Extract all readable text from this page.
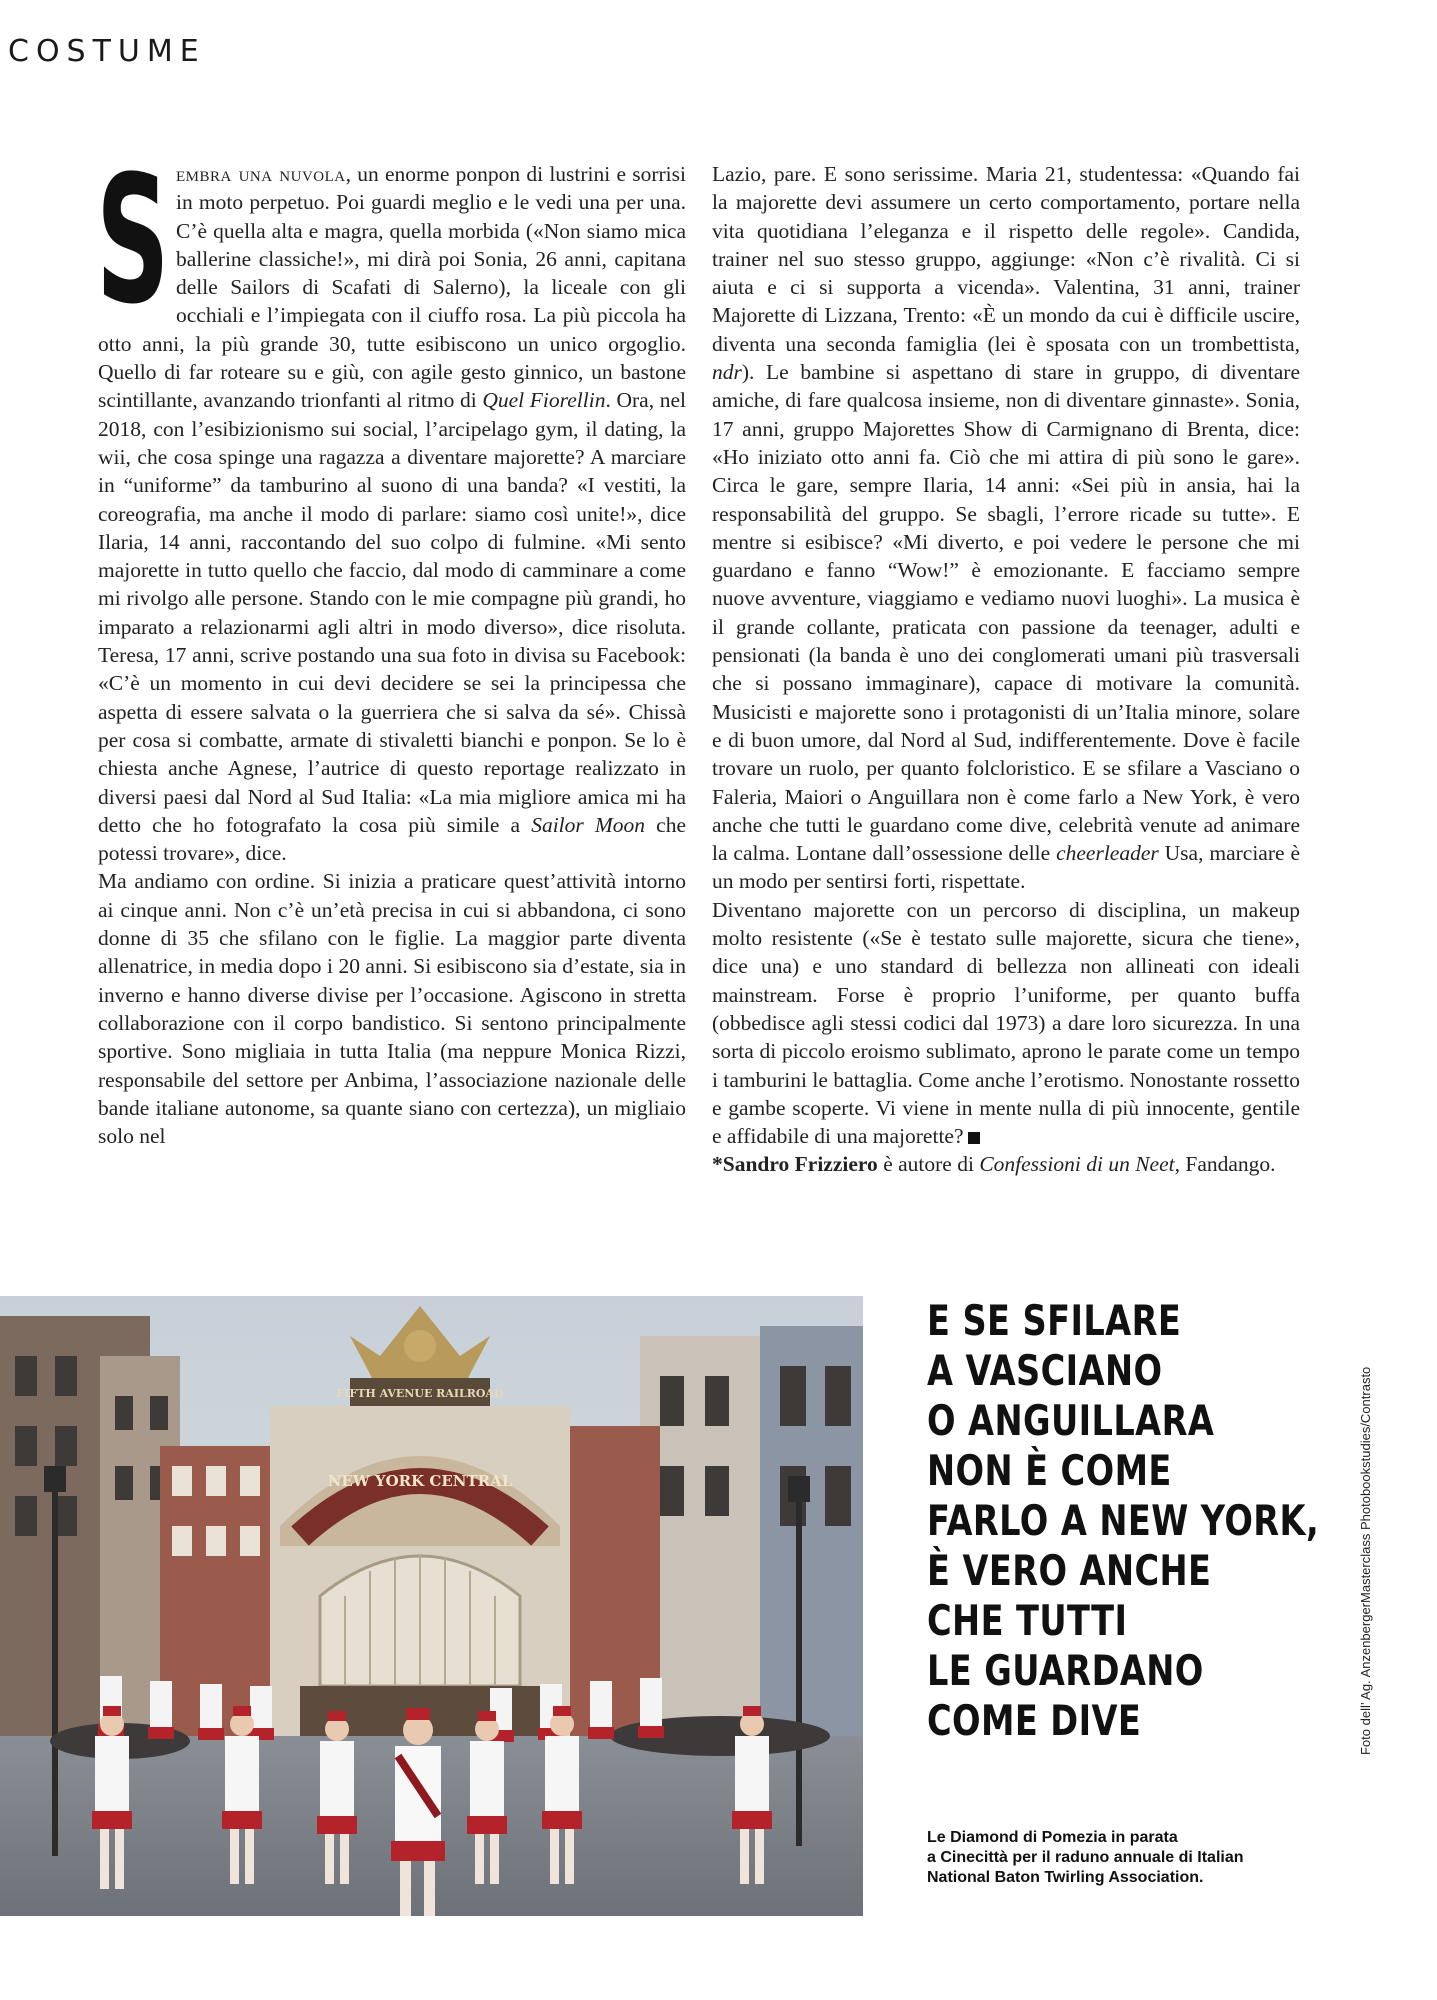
COSTUME

Sembra una nuvola, un enorme ponpon di lustrini e sorrisi in moto perpetuo. Poi guardi meglio e le vedi una per una. C’è quella alta e magra, quella morbida («Non siamo mica ballerine classiche!», mi dirà poi Sonia, 26 anni, capitana delle Sailors di Scafati di Salerno), la liceale con gli occhiali e l’impiegata con il ciuffo rosa. La più piccola ha otto anni, la più grande 30, tutte esibiscono un unico orgoglio. Quello di far roteare su e giù, con agile gesto ginnico, un bastone scintillante, avanzando trionfanti al ritmo di Quel Fiorellin. Ora, nel 2018, con l’esibizionismo sui social, l’arcipelago gym, il dating, la wii, che cosa spinge una ragazza a diventare majorette? A marciare in “uniforme” da tamburino al suono di una banda? «I vestiti, la coreografia, ma anche il modo di parlare: siamo così unite!», dice Ilaria, 14 anni, raccontando del suo colpo di fulmine. «Mi sento majorette in tutto quello che faccio, dal modo di camminare a come mi rivolgo alle persone. Stando con le mie compagne più grandi, ho imparato a relazionarmi agli altri in modo diverso», dice risoluta. Teresa, 17 anni, scrive postando una sua foto in divisa su Facebook: «C’è un momento in cui devi decidere se sei la principessa che aspetta di essere salvata o la guerriera che si salva da sé». Chissà per cosa si combatte, armate di stivaletti bianchi e ponpon. Se lo è chiesta anche Agnese, l’autrice di questo reportage realizzato in diversi paesi dal Nord al Sud Italia: «La mia migliore amica mi ha detto che ho fotografato la cosa più simile a Sailor Moon che potessi trovare», dice.

Ma andiamo con ordine. Si inizia a praticare quest’attività intorno ai cinque anni. Non c’è un’età precisa in cui si abbandona, ci sono donne di 35 che sfilano con le figlie. La maggior parte diventa allenatrice, in media dopo i 20 anni. Si esibiscono sia d’estate, sia in inverno e hanno diverse divise per l’occasione. Agiscono in stretta collaborazione con il corpo bandistico. Si sentono principalmente sportive. Sono migliaia in tutta Italia (ma neppure Monica Rizzi, responsabile del settore per Anbima, l’associazione nazionale delle bande italiane autonome, sa quante siano con certezza), un migliaio solo nel

Lazio, pare. E sono serissime. Maria 21, studentessa: «Quando fai la majorette devi assumere un certo comportamento, portare nella vita quotidiana l’eleganza e il rispetto delle regole». Candida, trainer nel suo stesso gruppo, aggiunge: «Non c’è rivalità. Ci si aiuta e ci si supporta a vicenda». Valentina, 31 anni, trainer Majorette di Lizzana, Trento: «È un mondo da cui è difficile uscire, diventa una seconda famiglia (lei è sposata con un trombettista, ndr). Le bambine si aspettano di stare in gruppo, di diventare amiche, di fare qualcosa insieme, non di diventare ginnaste». Sonia, 17 anni, gruppo Majorettes Show di Carmignano di Brenta, dice: «Ho iniziato otto anni fa. Ciò che mi attira di più sono le gare». Circa le gare, sempre Ilaria, 14 anni: «Sei più in ansia, hai la responsabilità del gruppo. Se sbagli, l’errore ricade su tutte». E mentre si esibisce? «Mi diverto, e poi vedere le persone che mi guardano e fanno “Wow!” è emozionante. E facciamo sempre nuove avventure, viaggiamo e vediamo nuovi luoghi». La musica è il grande collante, praticata con passione da teenager, adulti e pensionati (la banda è uno dei conglomerati umani più trasversali che si possano immaginare), capace di motivare la comunità. Musicisti e majorette sono i protagonisti di un’Italia minore, solare e di buon umore, dal Nord al Sud, indifferentemente. Dove è facile trovare un ruolo, per quanto folcloristico. E se sfilare a Vasciano o Faleria, Maiori o Anguillara non è come farlo a New York, è vero anche che tutti le guardano come dive, celebrità venute ad animare la calma. Lontane dall’ossessione delle cheerleader Usa, marciare è un modo per sentirsi forti, rispettate.

Diventano majorette con un percorso di disciplina, un makeup molto resistente («Se è testato sulle majorette, sicura che tiene», dice una) e uno standard di bellezza non allineati con ideali mainstream. Forse è proprio l’uniforme, per quanto buffa (obbedisce agli stessi codici dal 1973) a dare loro sicurezza. In una sorta di piccolo eroismo sublimato, aprono le parate come un tempo i tamburini le battaglia. Come anche l’erotismo. Nonostante rossetto e gambe scoperte. Vi viene in mente nulla di più innocente, gentile e affidabile di una majorette?

*Sandro Frizziero è autore di Confessioni di un Neet, Fandango.

NEW YORK CENTRAL
FIFTH AVENUE RAILROAD
E SE SFILARE
A VASCIANO
O ANGUILLARA
NON È COME
FARLO A NEW YORK,
È VERO ANCHE
CHE TUTTI
LE GUARDANO
COME DIVE
Le Diamond di Pomezia in parata
a Cinecittà per il raduno annuale di Italian
National Baton Twirling Association.
Foto dell’ Ag. AnzenbergerMasterclass Photobookstudies/Contrasto
